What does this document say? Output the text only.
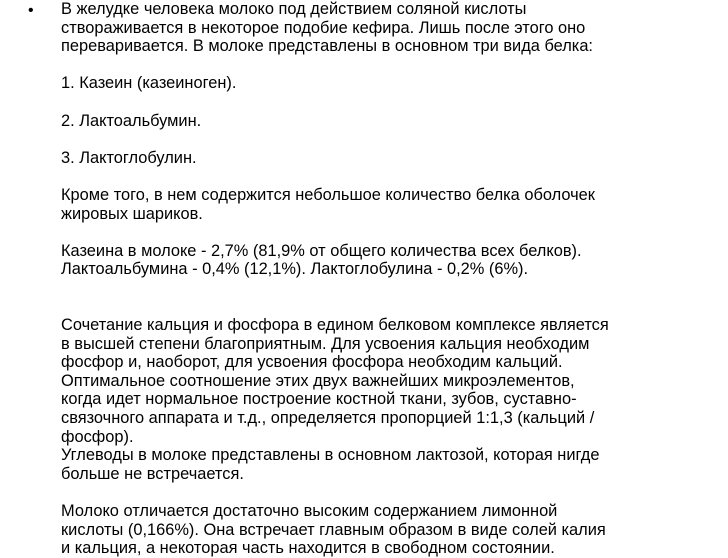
• В желудке человека молоко под действием соляной кислоты
створаживается в некоторое подобие кефира. Лишь после этого оно
переваривается. В молоке представлены в основном три вида белка:
1. Казеин (казеиноген).
2. Лактоальбумин.
3. Лактоглобулин.
Кроме того, в нем содержится небольшое количество белка оболочек
жировых шариков.
Казеина в молоке - 2,7% (81,9% от общего количества всех белков).
Лактоальбумина - 0,4% (12,1%). Лактоглобулина - 0,2% (6%).
Сочетание кальция и фосфора в едином белковом комплексе является
в высшей степени благоприятным. Для усвоения кальция необходим
фосфор и, наоборот, для усвоения фосфора необходим кальций.
Оптимальное соотношение этих двух важнейших микроэлементов,
когда идет нормальное построение костной ткани, зубов, суставно-
связочного аппарата и т.д., определяется пропорцией 1:1,3 (кальций /
фосфор).
Углеводы в молоке представлены в основном лактозой, которая нигде
больше не встречается.
Молоко отличается достаточно высоким содержанием лимонной
кислоты (0,166%). Она встречает главным образом в виде солей калия
и кальция, а некоторая часть находится в свободном состоянии.
